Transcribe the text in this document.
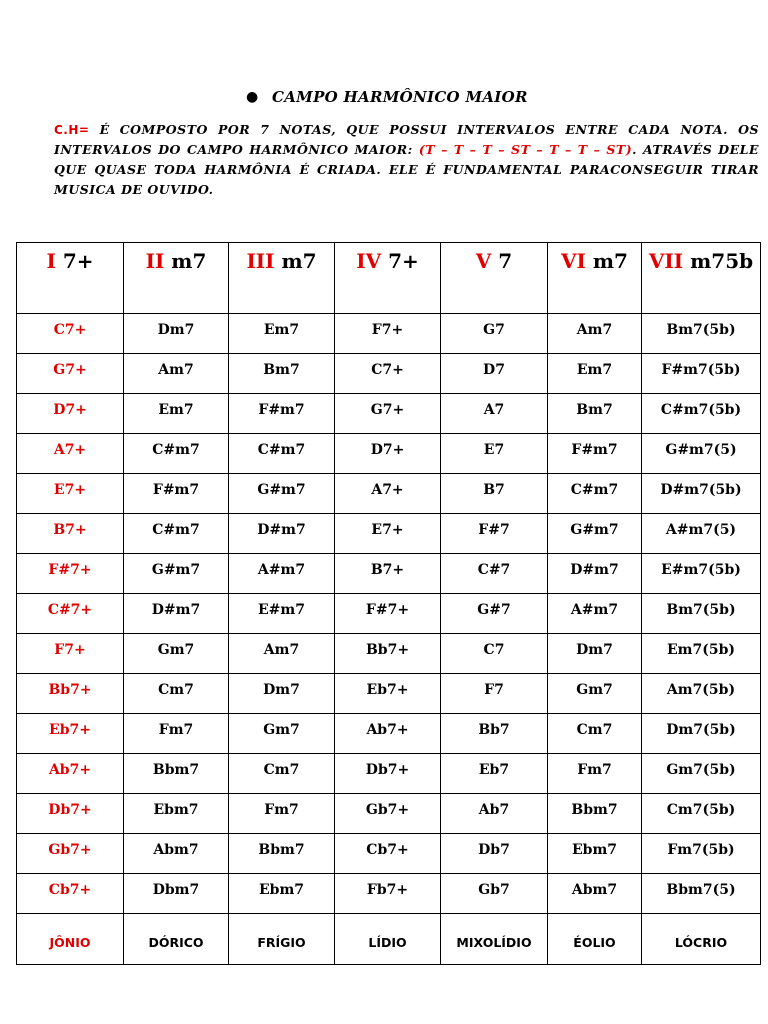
● CAMPO HARMÔNICO MAIOR
C.H= É COMPOSTO POR 7 NOTAS, QUE POSSUI INTERVALOS ENTRE CADA NOTA. OS INTERVALOS DO CAMPO HARMÔNICO MAIOR: (T – T – T – ST – T – T – ST). ATRAVÉS DELE QUE QUASE TODA HARMÔNIA É CRIADA. ELE É FUNDAMENTAL PARACONSEGUIR TIRAR MUSICA DE OUVIDO.
I 7+	II m7	III m7	IV 7+	V 7	VI m7	VII m75b
C7+	Dm7	Em7	F7+	G7	Am7	Bm7(5b)
G7+	Am7	Bm7	C7+	D7	Em7	F#m7(5b)
D7+	Em7	F#m7	G7+	A7	Bm7	C#m7(5b)
A7+	C#m7	C#m7	D7+	E7	F#m7	G#m7(5)
E7+	F#m7	G#m7	A7+	B7	C#m7	D#m7(5b)
B7+	C#m7	D#m7	E7+	F#7	G#m7	A#m7(5)
F#7+	G#m7	A#m7	B7+	C#7	D#m7	E#m7(5b)
C#7+	D#m7	E#m7	F#7+	G#7	A#m7	Bm7(5b)
F7+	Gm7	Am7	Bb7+	C7	Dm7	Em7(5b)
Bb7+	Cm7	Dm7	Eb7+	F7	Gm7	Am7(5b)
Eb7+	Fm7	Gm7	Ab7+	Bb7	Cm7	Dm7(5b)
Ab7+	Bbm7	Cm7	Db7+	Eb7	Fm7	Gm7(5b)
Db7+	Ebm7	Fm7	Gb7+	Ab7	Bbm7	Cm7(5b)
Gb7+	Abm7	Bbm7	Cb7+	Db7	Ebm7	Fm7(5b)
Cb7+	Dbm7	Ebm7	Fb7+	Gb7	Abm7	Bbm7(5)
JÔNIO	DÓRICO	FRÍGIO	LÍDIO	MIXOLÍDIO	ÉOLIO	LÓCRIO
